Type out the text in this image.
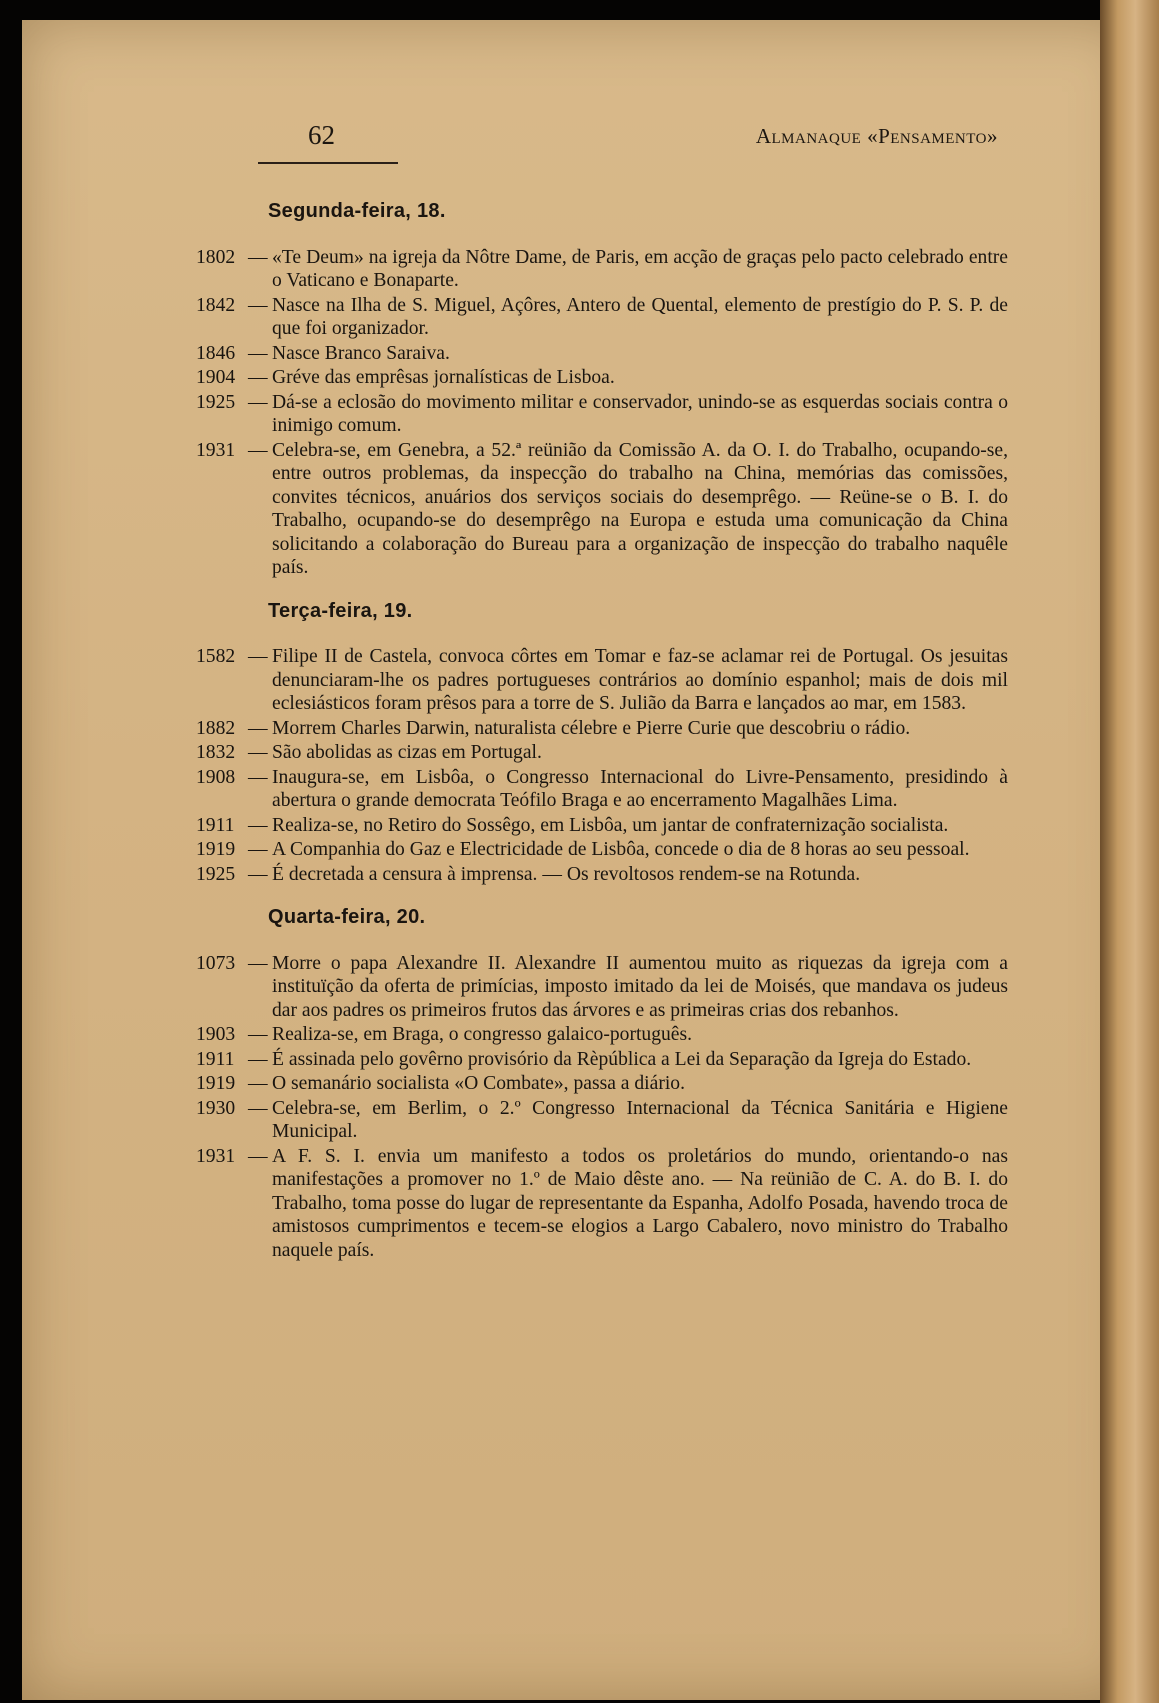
62	Almanaque «Pensamento»
Segunda-feira, 18.
1802 — «Te Deum» na igreja da Nôtre Dame, de Paris, em acção de graças pelo pacto celebrado entre o Vaticano e Bonaparte.
1842 — Nasce na Ilha de S. Miguel, Açôres, Antero de Quental, elemento de prestígio do P. S. P. de que foi organizador.
1846 — Nasce Branco Saraiva.
1904 — Gréve das emprêsas jornalísticas de Lisboa.
1925 — Dá-se a eclosão do movimento militar e conservador, unindo-se as esquerdas sociais contra o inimigo comum.
1931 — Celebra-se, em Genebra, a 52.ª reünião da Comissão A. da O. I. do Trabalho, ocupando-se, entre outros problemas, da inspecção do trabalho na China, memórias das comissões, convites técnicos, anuários dos serviços sociais do desemprêgo. — Reüne-se o B. I. do Trabalho, ocupando-se do desemprêgo na Europa e estuda uma comunicação da China solicitando a colaboração do Bureau para a organização de inspecção do trabalho naquêle país.
Terça-feira, 19.
1582 — Filipe II de Castela, convoca côrtes em Tomar e faz-se aclamar rei de Portugal. Os jesuitas denunciaram-lhe os padres portugueses contrários ao domínio espanhol; mais de dois mil eclesiásticos foram prêsos para a torre de S. Julião da Barra e lançados ao mar, em 1583.
1882 — Morrem Charles Darwin, naturalista célebre e Pierre Curie que descobriu o rádio.
1832 — São abolidas as cizas em Portugal.
1908 — Inaugura-se, em Lisbôa, o Congresso Internacional do Livre-Pensamento, presidindo à abertura o grande democrata Teófilo Braga e ao encerramento Magalhães Lima.
1911 — Realiza-se, no Retiro do Sossêgo, em Lisbôa, um jantar de confraternização socialista.
1919 — A Companhia do Gaz e Electricidade de Lisbôa, concede o dia de 8 horas ao seu pessoal.
1925 — É decretada a censura à imprensa. — Os revoltosos rendem-se na Rotunda.
Quarta-feira, 20.
1073 — Morre o papa Alexandre II. Alexandre II aumentou muito as riquezas da igreja com a instituïção da oferta de primícias, imposto imitado da lei de Moisés, que mandava os judeus dar aos padres os primeiros frutos das árvores e as primeiras crias dos rebanhos.
1903 — Realiza-se, em Braga, o congresso galaico-português.
1911 — É assinada pelo govêrno provisório da Rèpública a Lei da Separação da Igreja do Estado.
1919 — O semanário socialista «O Combate», passa a diário.
1930 — Celebra-se, em Berlim, o 2.º Congresso Internacional da Técnica Sanitária e Higiene Municipal.
1931 — A F. S. I. envia um manifesto a todos os proletários do mundo, orientando-o nas manifestações a promover no 1.º de Maio dêste ano. — Na reünião de C. A. do B. I. do Trabalho, toma posse do lugar de representante da Espanha, Adolfo Posada, havendo troca de amistosos cumprimentos e tecem-se elogios a Largo Cabalero, novo ministro do Trabalho naquele país.
